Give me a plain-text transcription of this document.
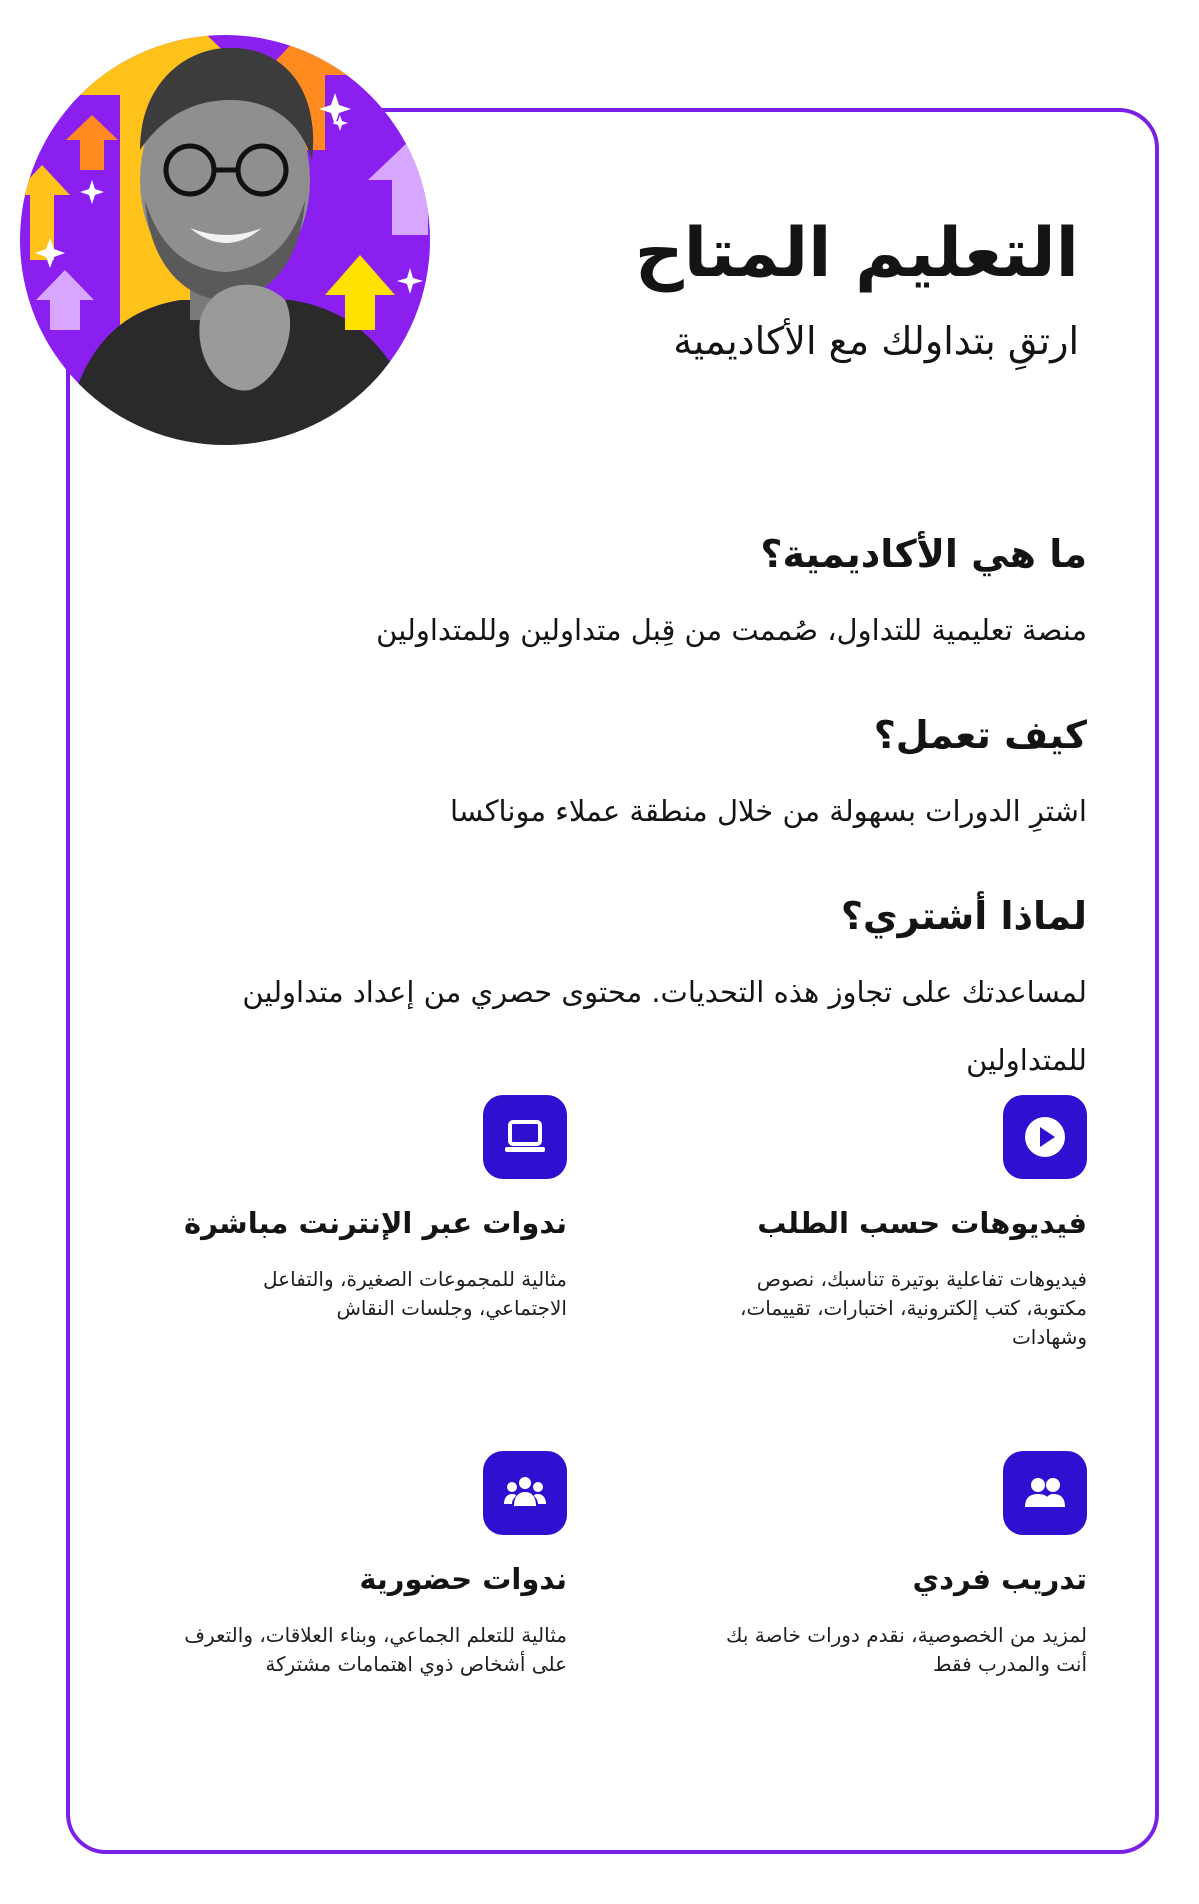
التعليم المتاح
ارتقِ بتداولك مع الأكاديمية
ما هي الأكاديمية؟
منصة تعليمية للتداول، صُممت من قِبل متداولين وللمتداولين
كيف تعمل؟
اشترِ الدورات بسهولة من خلال منطقة عملاء موناكسا
لماذا أشتري؟
لمساعدتك على تجاوز هذه التحديات. محتوى حصري من إعداد متداولين للمتداولين
فيديوهات حسب الطلب
فيديوهات تفاعلية بوتيرة تناسبك، نصوص مكتوبة، كتب إلكترونية، اختبارات، تقييمات، وشهادات
ندوات عبر الإنترنت مباشرة
مثالية للمجموعات الصغيرة، والتفاعل الاجتماعي، وجلسات النقاش
تدريب فردي
لمزيد من الخصوصية، نقدم دورات خاصة بك أنت والمدرب فقط
ندوات حضورية
مثالية للتعلم الجماعي، وبناء العلاقات، والتعرف على أشخاص ذوي اهتمامات مشتركة
